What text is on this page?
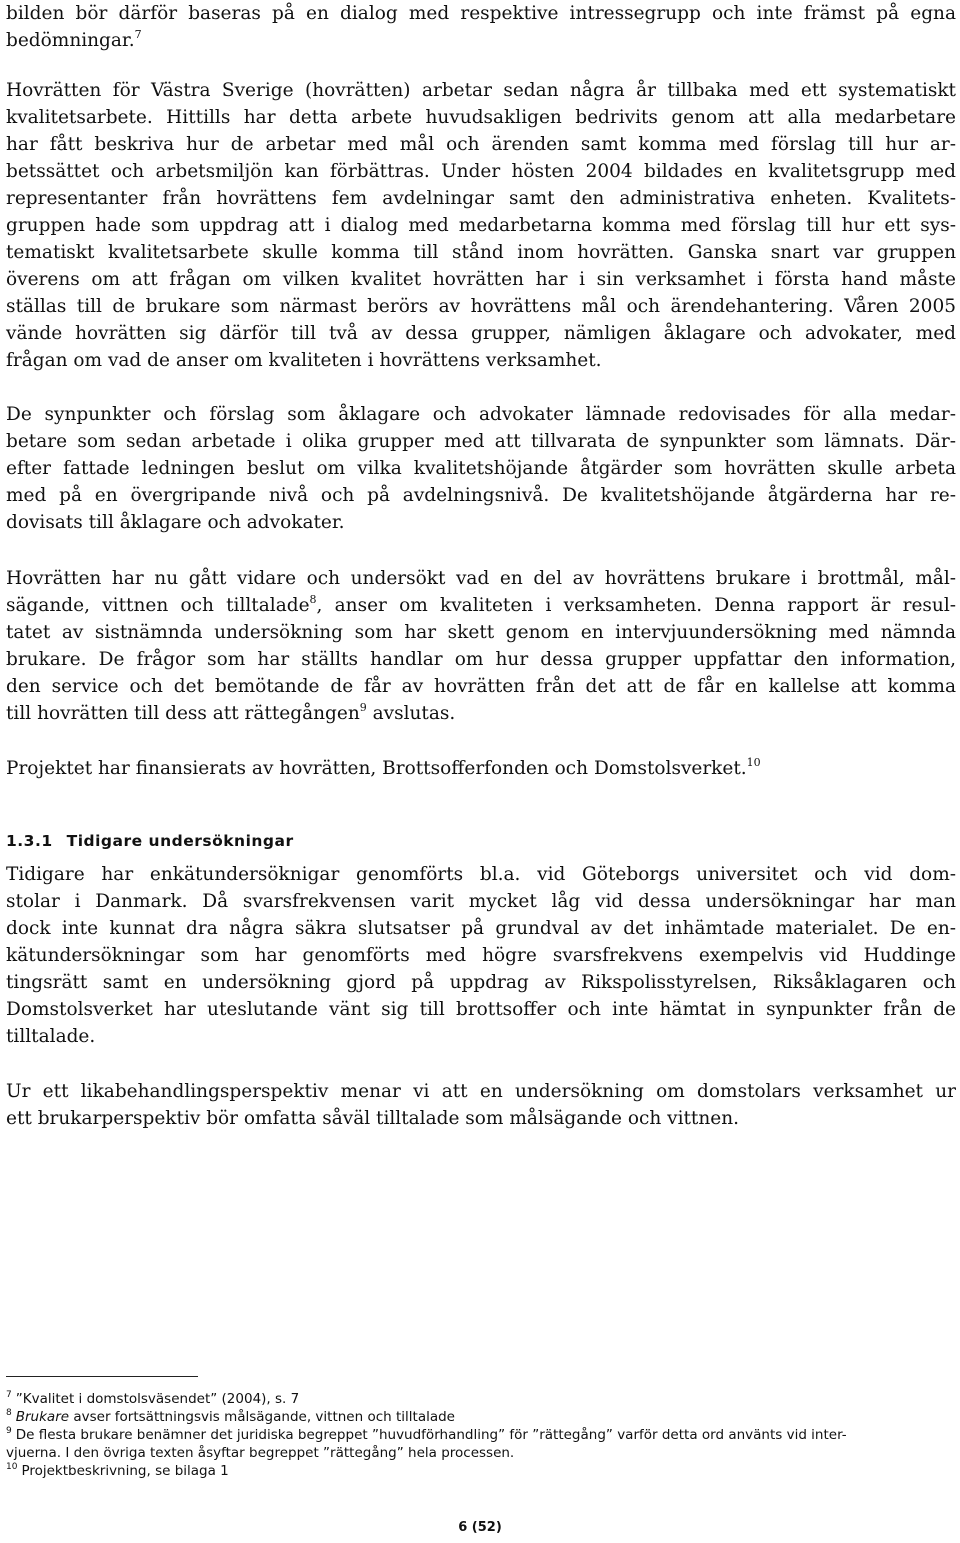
bilden bör därför baseras på en dialog med respektive intressegrupp och inte främst på egna
bedömningar.$^7$
Hovrätten för Västra Sverige (hovrätten) arbetar sedan några år tillbaka med ett systematiskt
kvalitetsarbete. Hittills har detta arbete huvudsakligen bedrivits genom att alla medarbetare
har fått beskriva hur de arbetar med mål och ärenden samt komma med förslag till hur ar-
betssättet och arbetsmiljön kan förbättras. Under hösten 2004 bildades en kvalitetsgrupp med
representanter från hovrättens fem avdelningar samt den administrativa enheten. Kvalitets-
gruppen hade som uppdrag att i dialog med medarbetarna komma med förslag till hur ett sys-
tematiskt kvalitetsarbete skulle komma till stånd inom hovrätten. Ganska snart var gruppen
överens om att frågan om vilken kvalitet hovrätten har i sin verksamhet i första hand måste
ställas till de brukare som närmast berörs av hovrättens mål och ärendehantering. Våren 2005
vände hovrätten sig därför till två av dessa grupper, nämligen åklagare och advokater, med
frågan om vad de anser om kvaliteten i hovrättens verksamhet.
De synpunkter och förslag som åklagare och advokater lämnade redovisades för alla medar-
betare som sedan arbetade i olika grupper med att tillvarata de synpunkter som lämnats. Där-
efter fattade ledningen beslut om vilka kvalitetshöjande åtgärder som hovrätten skulle arbeta
med på en övergripande nivå och på avdelningsnivå. De kvalitetshöjande åtgärderna har re-
dovisats till åklagare och advokater.
Hovrätten har nu gått vidare och undersökt vad en del av hovrättens brukare i brottmål, mål-
sägande, vittnen och tilltalade$^8$, anser om kvaliteten i verksamheten. Denna rapport är resul-
tatet av sistnämnda undersökning som har skett genom en intervjuundersökning med nämnda
brukare. De frågor som har ställts handlar om hur dessa grupper uppfattar den information,
den service och det bemötande de får av hovrätten från det att de får en kallelse att komma
till hovrätten till dess att rättegången$^9$ avslutas.
Projektet har finansierats av hovrätten, Brottsofferfonden och Domstolsverket.$^{10}$
1.3.1 Tidigare undersökningar
Tidigare har enkätundersöknigar genomförts bl.a. vid Göteborgs universitet och vid dom-
stolar i Danmark. Då svarsfrekvensen varit mycket låg vid dessa undersökningar har man
dock inte kunnat dra några säkra slutsatser på grundval av det inhämtade materialet. De en-
kätundersökningar som har genomförts med högre svarsfrekvens exempelvis vid Huddinge
tingsrätt samt en undersökning gjord på uppdrag av Rikspolisstyrelsen, Riksåklagaren och
Domstolsverket har uteslutande vänt sig till brottsoffer och inte hämtat in synpunkter från de
tilltalade.
Ur ett likabehandlingsperspektiv menar vi att en undersökning om domstolars verksamhet ur
ett brukarperspektiv bör omfatta såväl tilltalade som målsägande och vittnen.
$^7$ ”Kvalitet i domstolsväsendet” (2004), s. 7
$^8$ Brukare avser fortsättningsvis målsägande, vittnen och tilltalade
$^9$ De flesta brukare benämner det juridiska begreppet ”huvudförhandling” för ”rättegång” varför detta ord använts vid inter-
vjuerna. I den övriga texten åsyftar begreppet ”rättegång” hela processen.
$^{10}$ Projektbeskrivning, se bilaga 1
6 (52)
